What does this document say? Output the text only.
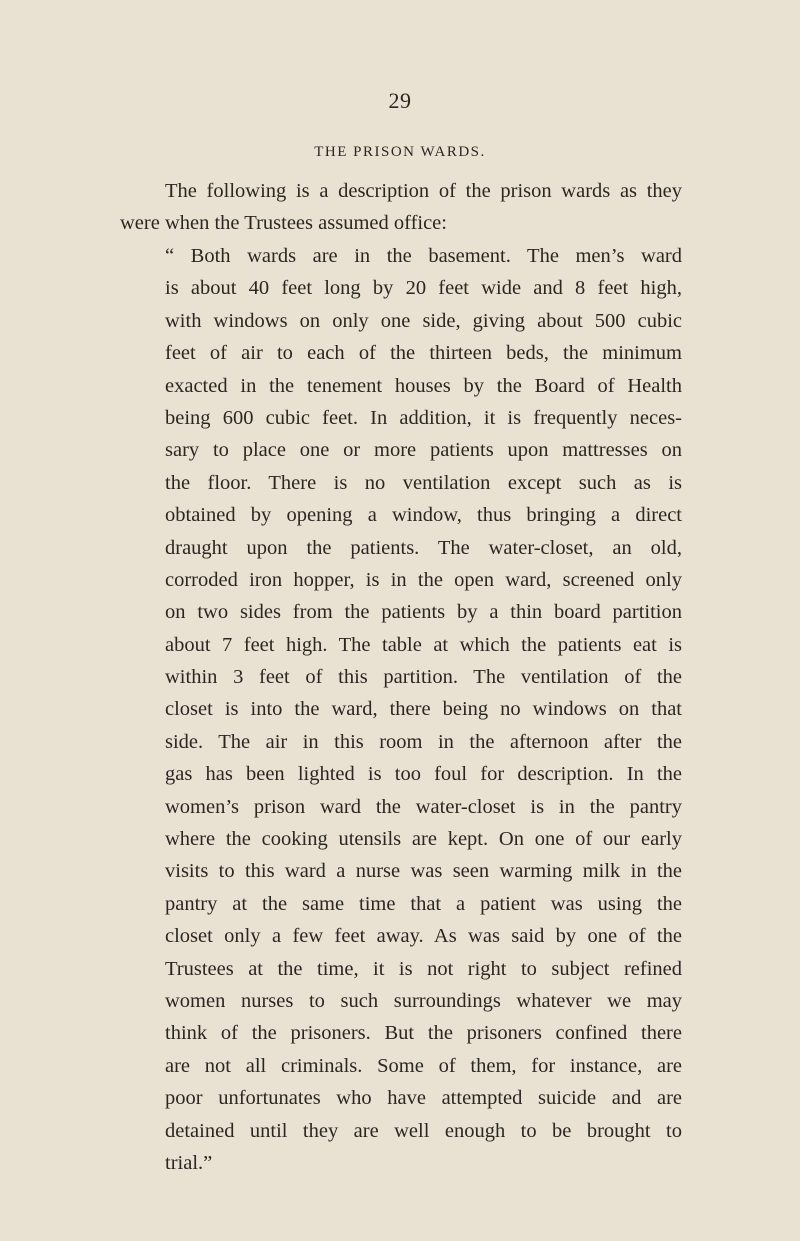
29
THE PRISON WARDS.
The following is a description of the prison wards as they
were when the Trustees assumed office:
“ Both wards are in the basement. The men’s ward
is about 40 feet long by 20 feet wide and 8 feet high,
with windows on only one side, giving about 500 cubic
feet of air to each of the thirteen beds, the minimum
exacted in the tenement houses by the Board of Health
being 600 cubic feet. In addition, it is frequently neces-
sary to place one or more patients upon mattresses on
the floor. There is no ventilation except such as is
obtained by opening a window, thus bringing a direct
draught upon the patients. The water-closet, an old,
corroded iron hopper, is in the open ward, screened only
on two sides from the patients by a thin board partition
about 7 feet high. The table at which the patients eat is
within 3 feet of this partition. The ventilation of the
closet is into the ward, there being no windows on that
side. The air in this room in the afternoon after the
gas has been lighted is too foul for description. In the
women’s prison ward the water-closet is in the pantry
where the cooking utensils are kept. On one of our early
visits to this ward a nurse was seen warming milk in the
pantry at the same time that a patient was using the
closet only a few feet away. As was said by one of the
Trustees at the time, it is not right to subject refined
women nurses to such surroundings whatever we may
think of the prisoners. But the prisoners confined there
are not all criminals. Some of them, for instance, are
poor unfortunates who have attempted suicide and are
detained until they are well enough to be brought to
trial.”
